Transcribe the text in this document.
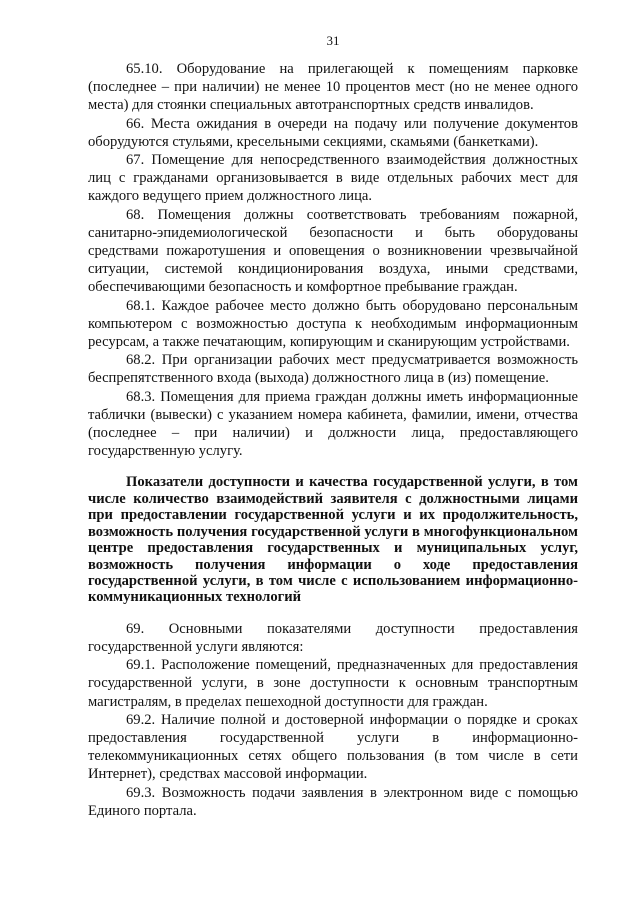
31

65.10. Оборудование на прилегающей к помещениям парковке (последнее – при наличии) не менее 10 процентов мест (но не менее одного места) для стоянки специальных автотранспортных средств инвалидов.

66. Места ожидания в очереди на подачу или получение документов оборудуются стульями, кресельными секциями, скамьями (банкетками).

67. Помещение для непосредственного взаимодействия должностных лиц с гражданами организовывается в виде отдельных рабочих мест для каждого ведущего прием должностного лица.

68. Помещения должны соответствовать требованиям пожарной, санитарно-эпидемиологической безопасности и быть оборудованы средствами пожаротушения и оповещения о возникновении чрезвычайной ситуации, системой кондиционирования воздуха, иными средствами, обеспечивающими безопасность и комфортное пребывание граждан.

68.1. Каждое рабочее место должно быть оборудовано персональным компьютером с возможностью доступа к необходимым информационным ресурсам, а также печатающим, копирующим и сканирующим устройствами.

68.2. При организации рабочих мест предусматривается возможность беспрепятственного входа (выхода) должностного лица в (из) помещение.

68.3. Помещения для приема граждан должны иметь информационные таблички (вывески) с указанием номера кабинета, фамилии, имени, отчества (последнее – при наличии) и должности лица, предоставляющего государственную услугу.

Показатели доступности и качества государственной услуги, в том числе количество взаимодействий заявителя с должностными лицами при предоставлении государственной услуги и их продолжительность, возможность получения государственной услуги в многофункциональном центре предоставления государственных и муниципальных услуг, возможность получения информации о ходе предоставления государственной услуги, в том числе с использованием информационно-коммуникационных технологий

69. Основными показателями доступности предоставления государственной услуги являются:

69.1. Расположение помещений, предназначенных для предоставления государственной услуги, в зоне доступности к основным транспортным магистралям, в пределах пешеходной доступности для граждан.

69.2. Наличие полной и достоверной информации о порядке и сроках предоставления государственной услуги в информационно-телекоммуникационных сетях общего пользования (в том числе в сети Интернет), средствах массовой информации.

69.3. Возможность подачи заявления в электронном виде с помощью Единого портала.
